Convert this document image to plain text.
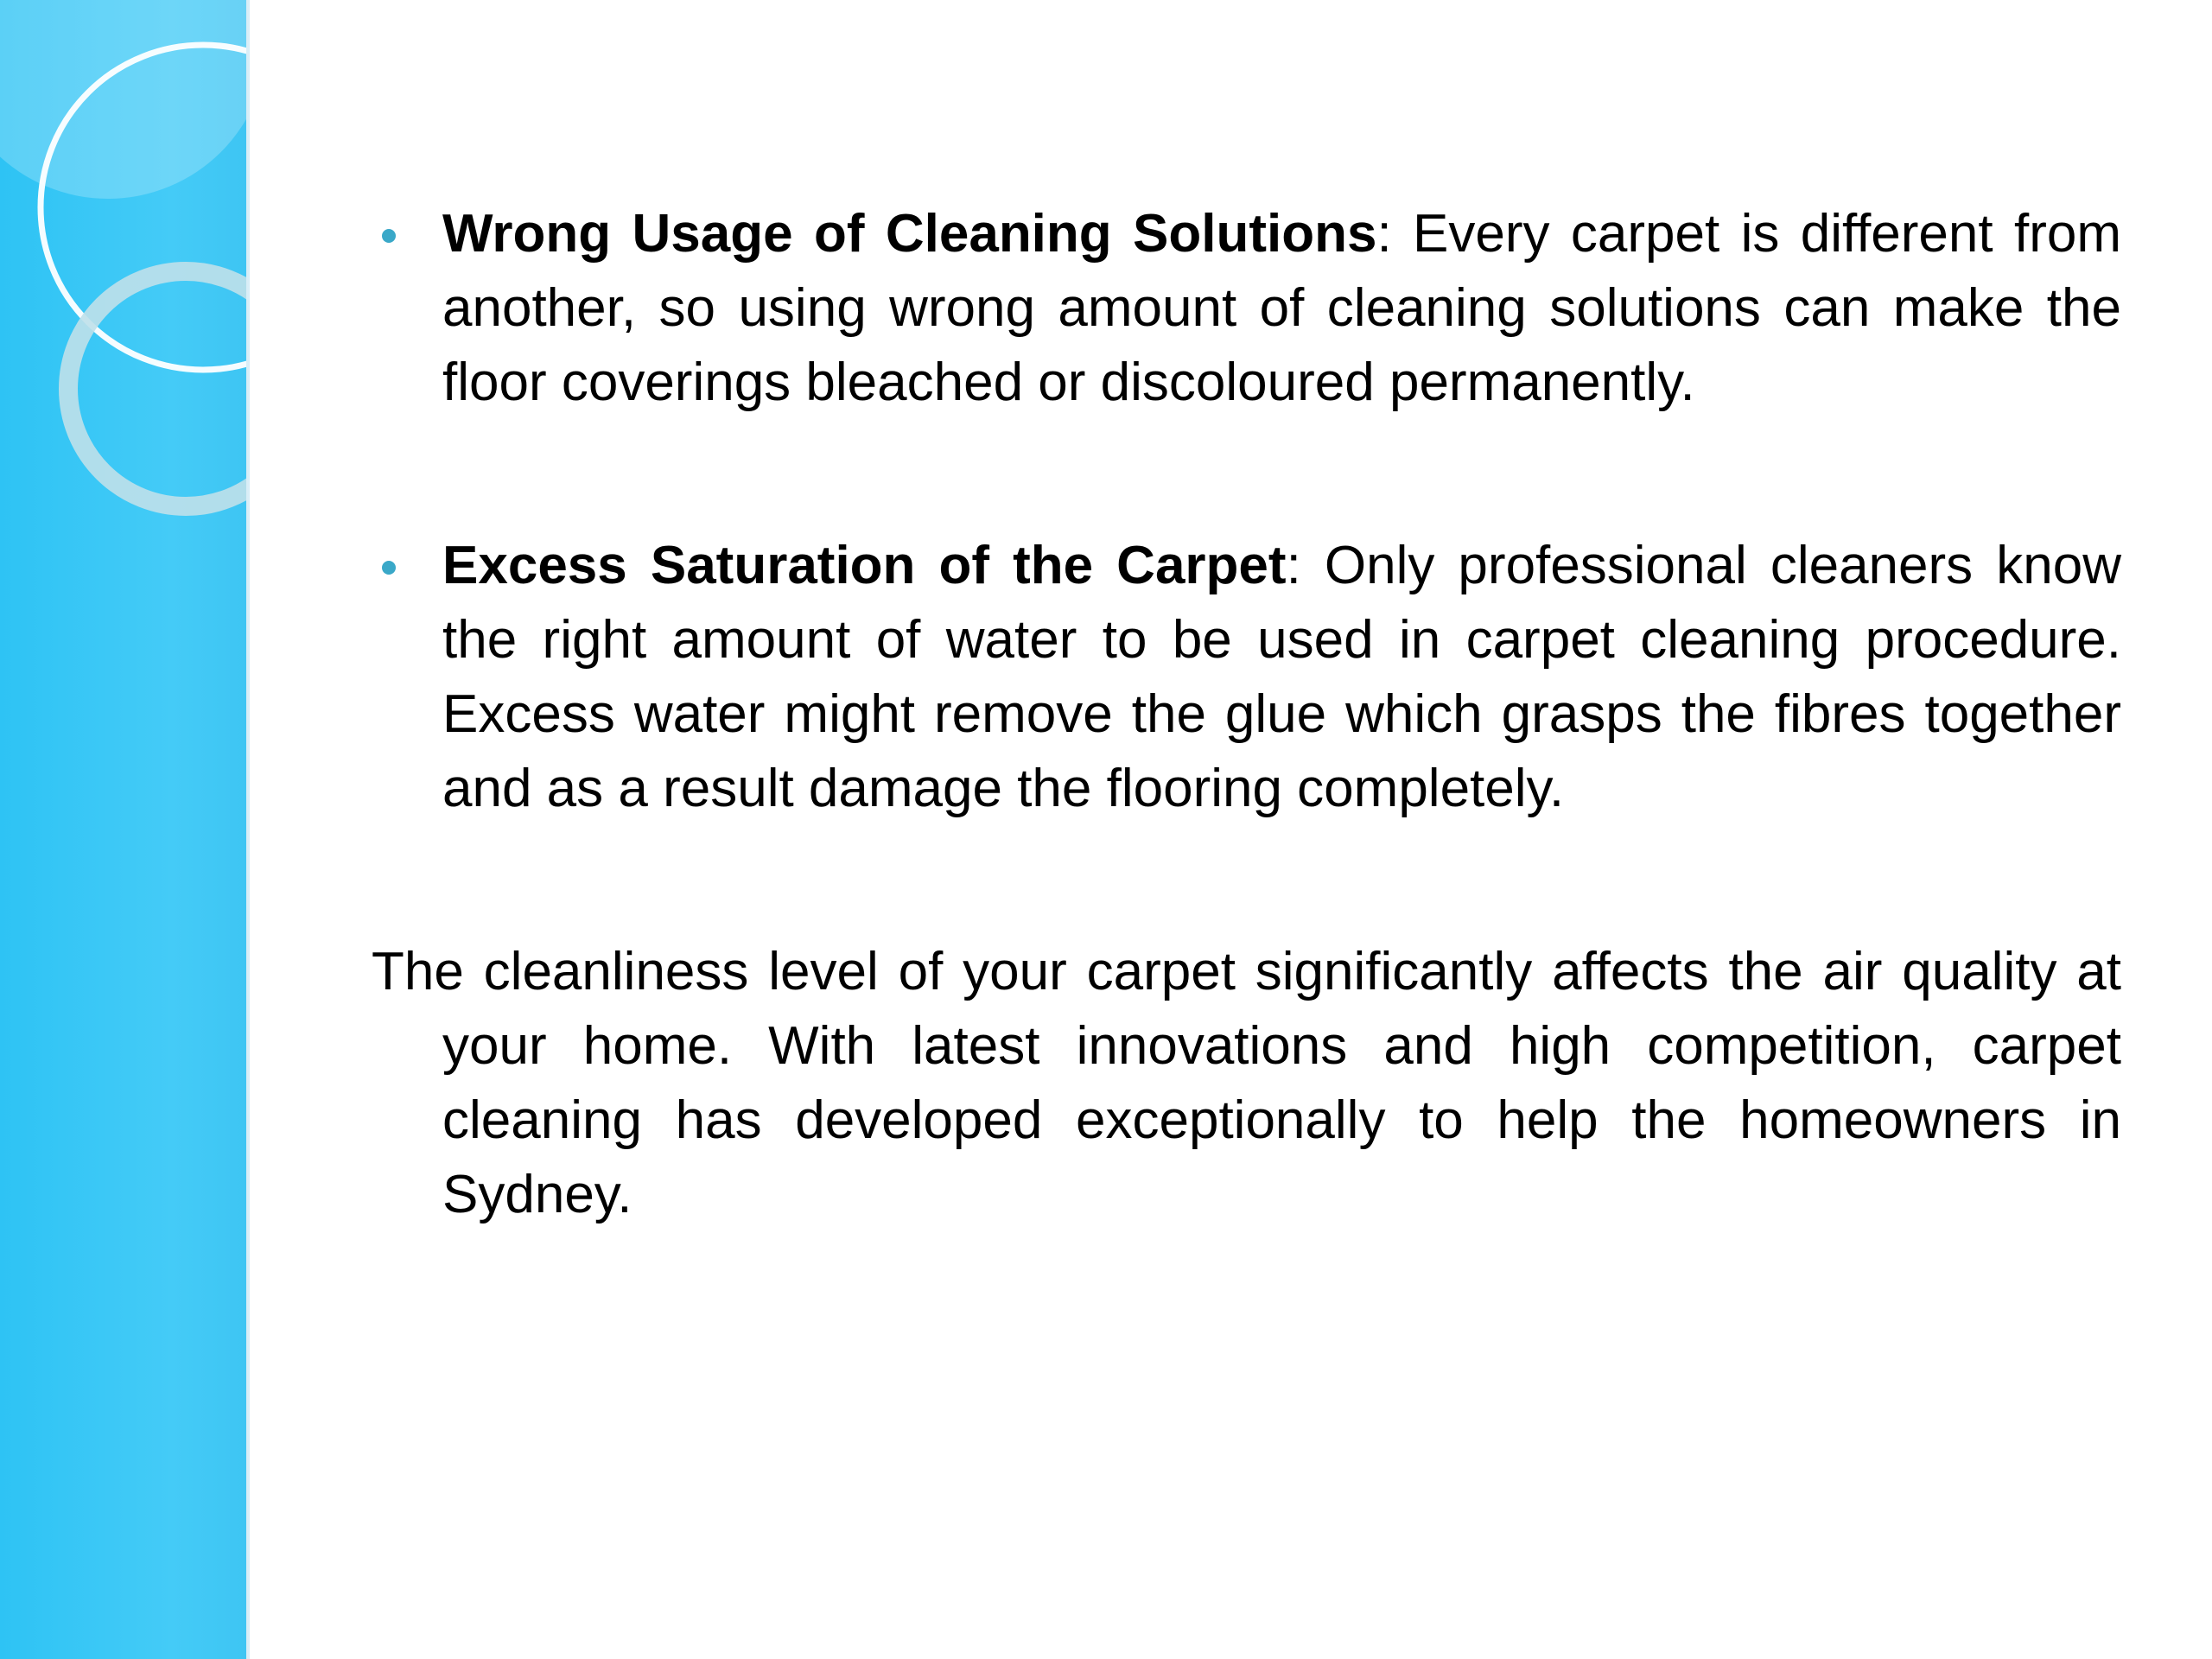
Wrong Usage of Cleaning Solutions: Every carpet is different from another, so using wrong amount of cleaning solutions can make the floor coverings bleached or discoloured permanently.
Excess Saturation of the Carpet: Only professional cleaners know the right amount of water to be used in carpet cleaning procedure. Excess water might remove the glue which grasps the fibres together and as a result damage the flooring completely.
The cleanliness level of your carpet significantly affects the air quality at your home. With latest innovations and high competition, carpet cleaning has developed exceptionally to help the homeowners in Sydney.
